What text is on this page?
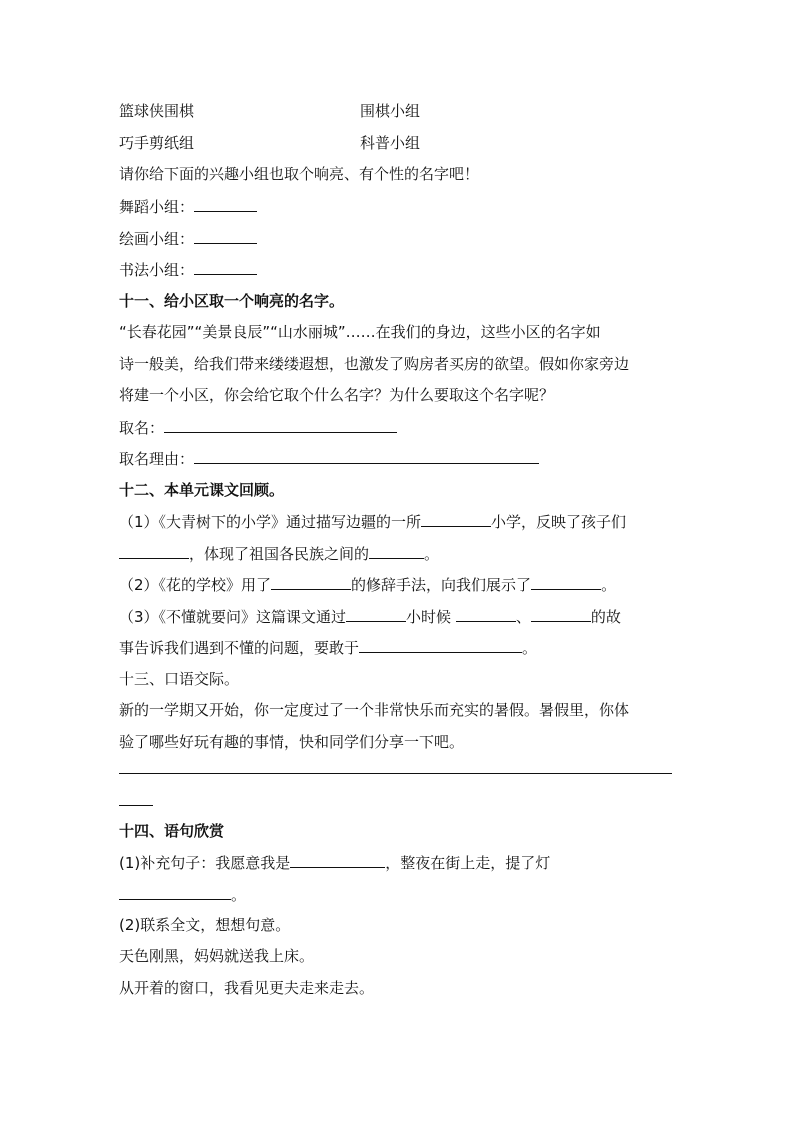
篮球侠围棋	围棋小组
巧手剪纸组	科普小组
请你给下面的兴趣小组也取个响亮、有个性的名字吧！
舞蹈小组：
绘画小组：
书法小组：
十一、给小区取一个响亮的名字。
“长春花园”“美景良辰”“山水丽城”……在我们的身边，这些小区的名字如
诗一般美，给我们带来缕缕遐想，也激发了购房者买房的欲望。假如你家旁边
将建一个小区，你会给它取个什么名字？为什么要取这个名字呢？
取名：
取名理由：
十二、本单元课文回顾。
（1）《大青树下的小学》通过描写边疆的一所	小学，反映了孩子们
，体现了祖国各民族之间的	。
（2）《花的学校》用了	的修辞手法，向我们展示了	。
（3）《不懂就要问》这篇课文通过	小时候	、	的故
事告诉我们遇到不懂的问题，要敢于	。
十三、口语交际。
新的一学期又开始，你一定度过了一个非常快乐而充实的暑假。暑假里，你体
验了哪些好玩有趣的事情，快和同学们分享一下吧。
十四、语句欣赏
(1)补充句子：我愿意我是	，整夜在街上走，提了灯
。
(2)联系全文，想想句意。
天色刚黑，妈妈就送我上床。
从开着的窗口，我看见更夫走来走去。
